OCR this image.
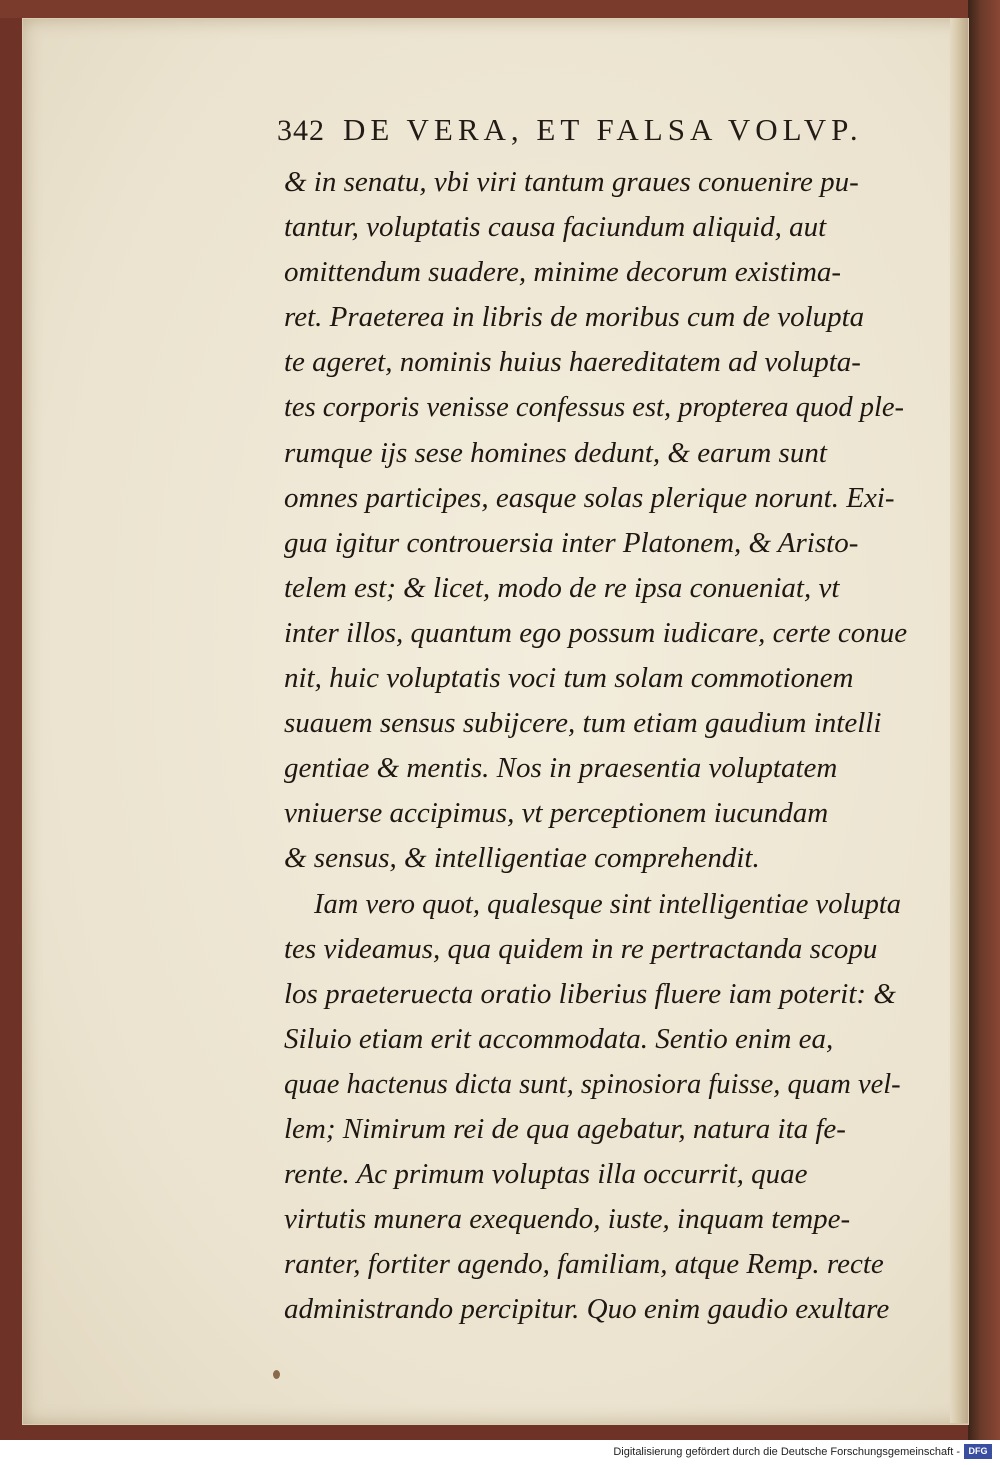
342 DE VERA, ET FALSA VOLVP.
& in senatu, vbi viri tantum graues conuenire pu-
tantur, voluptatis causa faciundum aliquid, aut
omittendum suadere, minime decorum existima-
ret. Praeterea in libris de moribus cum de volupta
te ageret, nominis huius haereditatem ad volupta-
tes corporis venisse confessus est, propterea quod ple-
rumque ijs sese homines dedunt, & earum sunt
omnes participes, easque solas plerique norunt. Exi-
gua igitur controuersia inter Platonem, & Aristo-
telem est; & licet, modo de re ipsa conueniat, vt
inter illos, quantum ego possum iudicare, certe conue
nit, huic voluptatis voci tum solam commotionem
suauem sensus subijcere, tum etiam gaudium intelli
gentiae & mentis. Nos in praesentia voluptatem
vniuerse accipimus, vt perceptionem iucundam
& sensus, & intelligentiae comprehendit.
Iam vero quot, qualesque sint intelligentiae volupta
tes videamus, qua quidem in re pertractanda scopu
los praeteruecta oratio liberius fluere iam poterit: &
Siluio etiam erit accommodata. Sentio enim ea,
quae hactenus dicta sunt, spinosiora fuisse, quam vel-
lem; Nimirum rei de qua agebatur, natura ita fe-
rente. Ac primum voluptas illa occurrit, quae
virtutis munera exequendo, iuste, inquam tempe-
ranter, fortiter agendo, familiam, atque Remp. recte
administrando percipitur. Quo enim gaudio exultare
Digitalisierung gefördert durch die Deutsche Forschungsgemeinschaft - DFG
